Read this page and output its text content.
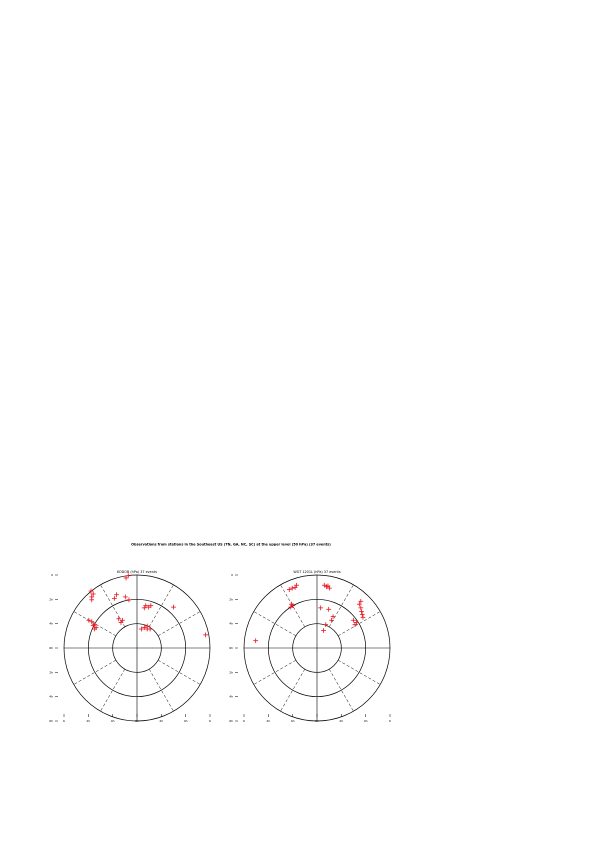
Observations from stations in the Southeast US (TN, GA, NC, SC) at the upper level (50 hPa) (37 events)
KODOB (hPa) 37 events
0
2h
4h
6h
2h
4h
6h	6	2h	4h	6h	2h	4h	6
WGT 1201L (hPa) 37 events
0
2h
4h
6h
2h
4h
6h	6	2h	4h	6h	2h	4h	6
